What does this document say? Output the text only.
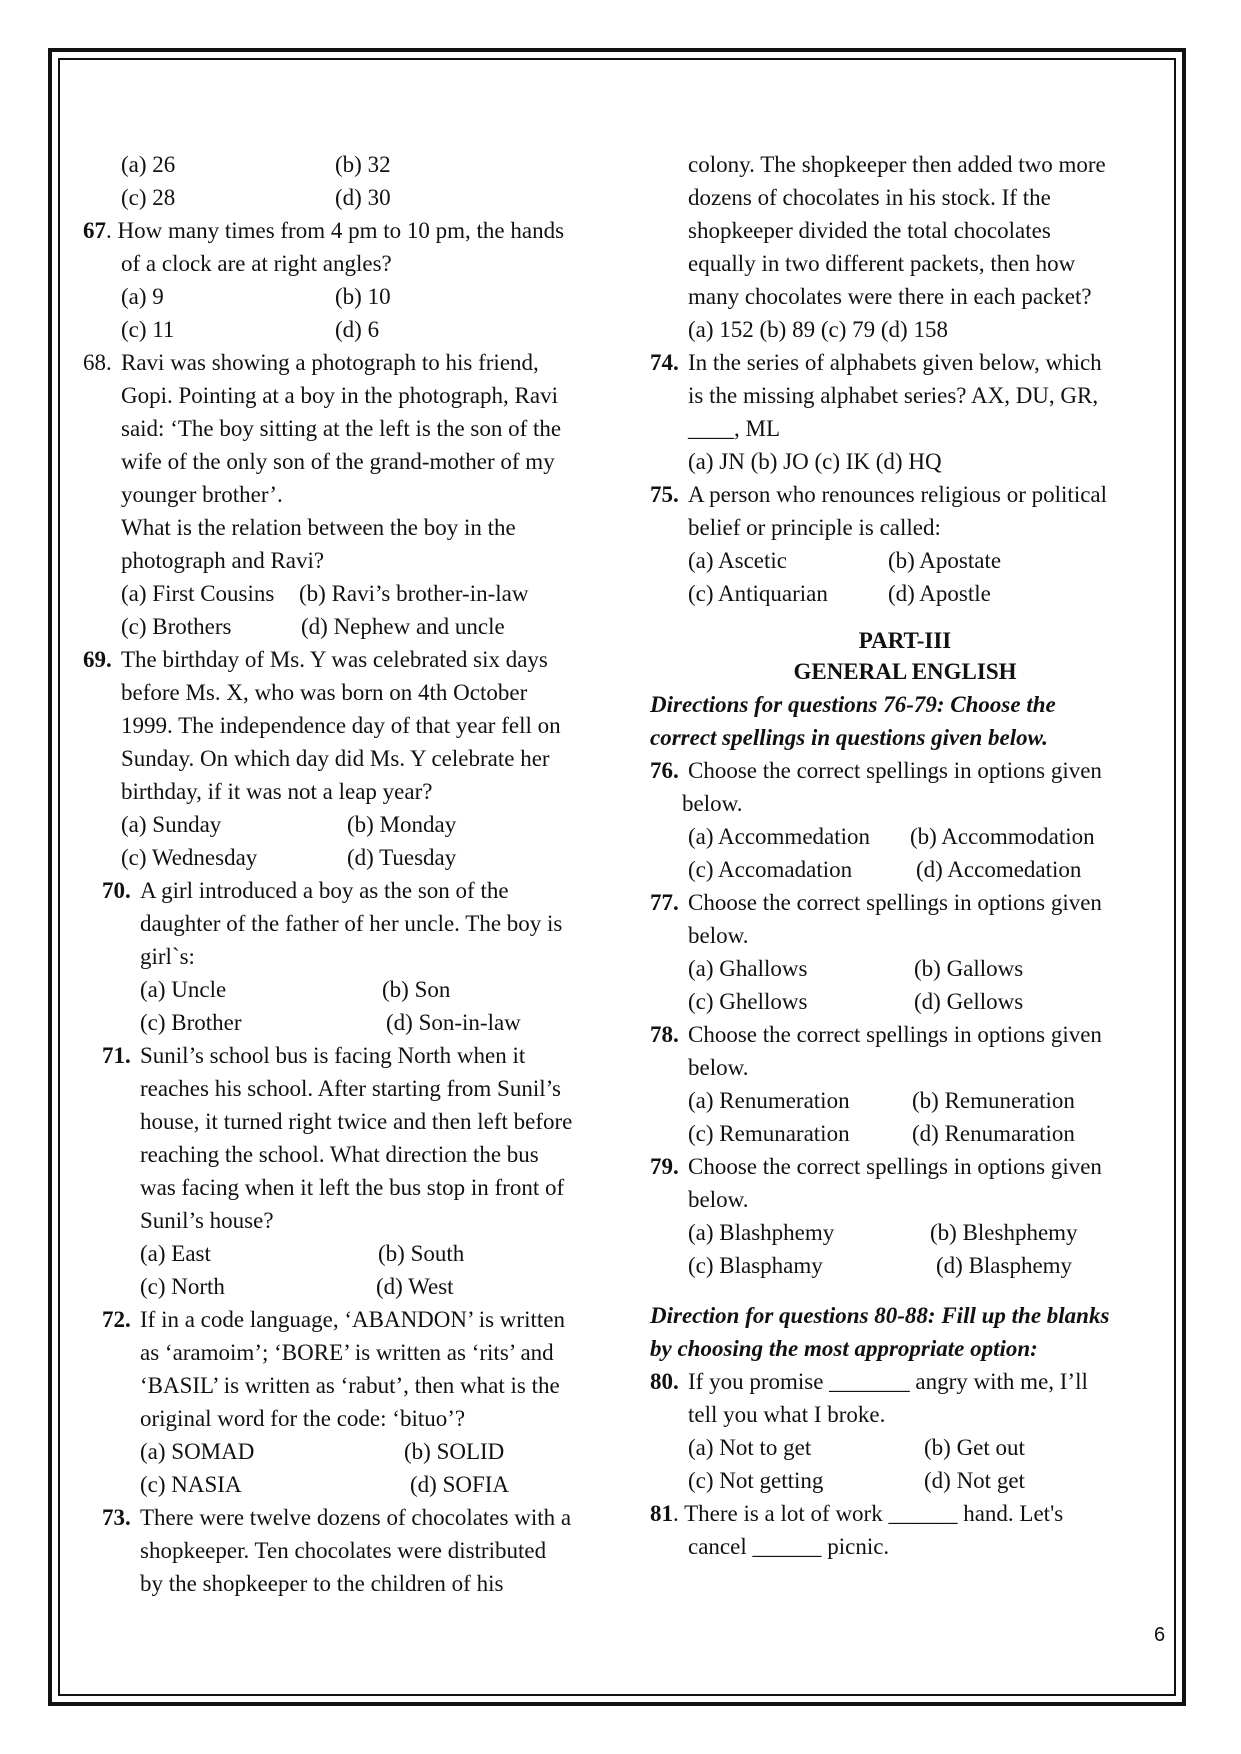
(a) 26	(b) 32
(c) 28	(d) 30
67. How many times from 4 pm to 10 pm, the hands
of a clock are at right angles?
(a) 9	(b) 10
(c) 11	(d) 6
68. Ravi was showing a photograph to his friend,
Gopi. Pointing at a boy in the photograph, Ravi
said: ‘The boy sitting at the left is the son of the
wife of the only son of the grand-mother of my
younger brother’.
What is the relation between the boy in the
photograph and Ravi?
(a) First Cousins	(b) Ravi’s brother-in-law
(c) Brothers	(d) Nephew and uncle
69. The birthday of Ms. Y was celebrated six days
before Ms. X, who was born on 4th October
1999. The independence day of that year fell on
Sunday. On which day did Ms. Y celebrate her
birthday, if it was not a leap year?
(a) Sunday	(b) Monday
(c) Wednesday	(d) Tuesday
70. A girl introduced a boy as the son of the
daughter of the father of her uncle. The boy is
girl`s:
(a) Uncle	(b) Son
(c) Brother	(d) Son-in-law
71. Sunil’s school bus is facing North when it
reaches his school. After starting from Sunil’s
house, it turned right twice and then left before
reaching the school. What direction the bus
was facing when it left the bus stop in front of
Sunil’s house?
(a) East	(b) South
(c) North	(d) West
72. If in a code language, ‘ABANDON’ is written
as ‘aramoim’; ‘BORE’ is written as ‘rits’ and
‘BASIL’ is written as ‘rabut’, then what is the
original word for the code: ‘bituo’?
(a) SOMAD	(b) SOLID
(c) NASIA	(d) SOFIA
73. There were twelve dozens of chocolates with a
shopkeeper. Ten chocolates were distributed
by the shopkeeper to the children of his
colony. The shopkeeper then added two more
dozens of chocolates in his stock. If the
shopkeeper divided the total chocolates
equally in two different packets, then how
many chocolates were there in each packet?
(a) 152 (b) 89 (c) 79 (d) 158
74. In the series of alphabets given below, which
is the missing alphabet series? AX, DU, GR,
____, ML
(a) JN (b) JO (c) IK (d) HQ
75. A person who renounces religious or political
belief or principle is called:
(a) Ascetic	(b) Apostate
(c) Antiquarian	(d) Apostle
PART-III
GENERAL ENGLISH
Directions for questions 76-79: Choose the
correct spellings in questions given below.
76. Choose the correct spellings in options given
below.
(a) Accommedation	(b) Accommodation
(c) Accomadation	(d) Accomedation
77. Choose the correct spellings in options given
below.
(a) Ghallows	(b) Gallows
(c) Ghellows	(d) Gellows
78. Choose the correct spellings in options given
below.
(a) Renumeration	(b) Remuneration
(c) Remunaration	(d) Renumaration
79. Choose the correct spellings in options given
below.
(a) Blashphemy	(b) Bleshphemy
(c) Blasphamy	(d) Blasphemy
Direction for questions 80-88: Fill up the blanks
by choosing the most appropriate option:
80. If you promise _______ angry with me, I’ll
tell you what I broke.
(a) Not to get	(b) Get out
(c) Not getting	(d) Not get
81. There is a lot of work ______ hand. Let's
cancel ______ picnic.
6
